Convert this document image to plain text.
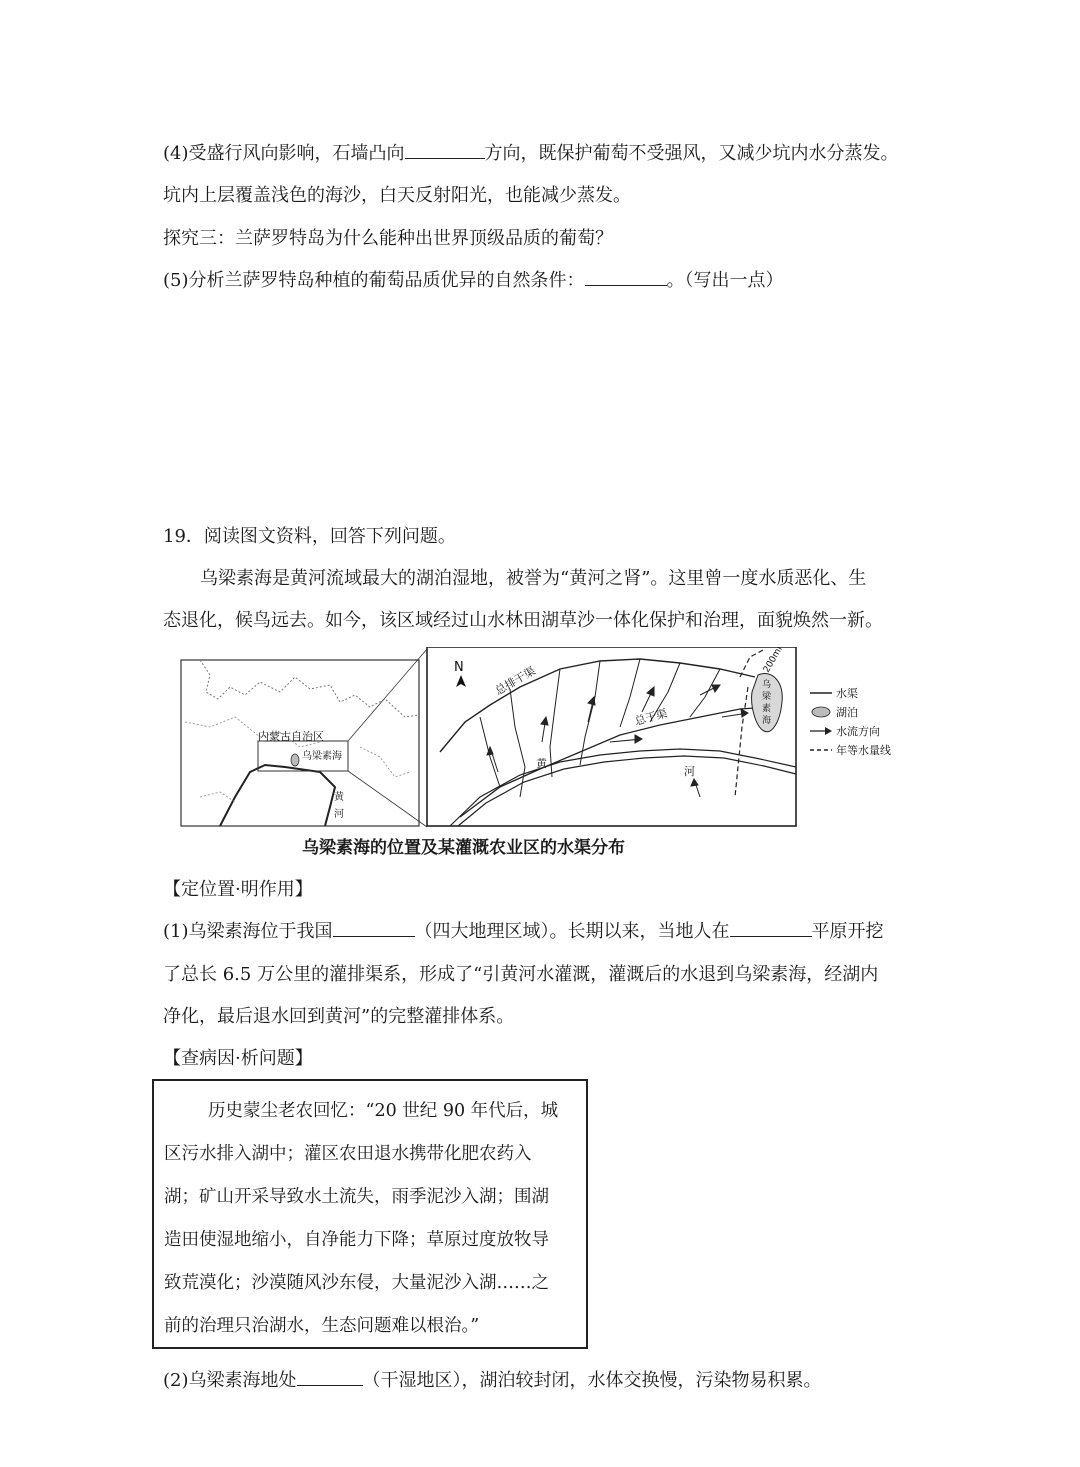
(4)受盛行风向影响，石墙凸向	方向，既保护葡萄不受强风，又减少坑内水分蒸发。
坑内上层覆盖浅色的海沙，白天反射阳光，也能减少蒸发。
探究三：兰萨罗特岛为什么能种出世界顶级品质的葡萄？
(5)分析兰萨罗特岛种植的葡萄品质优异的自然条件：	。（写出一点）
19．阅读图文资料，回答下列问题。
乌梁素海是黄河流域最大的湖泊湿地，被誉为“黄河之肾”。这里曾一度水质恶化、生
态退化，候鸟远去。如今，该区域经过山水林田湖草沙一体化保护和治理，面貌焕然一新。
内蒙古自治区
乌梁素海
黄
河
N	总排干渠
总干渠
黄
河
乌
梁
素
海
200mm
水渠
湖泊
水流方向
年等水量线
乌梁素海的位置及某灌溉农业区的水渠分布
【定位置·明作用】
(1)乌梁素海位于我国	（四大地理区域）。长期以来，当地人在	平原开挖
了总长 6.5 万公里的灌排渠系，形成了“引黄河水灌溉，灌溉后的水退到乌梁素海，经湖内
净化，最后退水回到黄河”的完整灌排体系。
【查病因·析问题】
历史蒙尘老农回忆：“20 世纪 90 年代后，城
区污水排入湖中；灌区农田退水携带化肥农药入
湖；矿山开采导致水土流失，雨季泥沙入湖；围湖
造田使湿地缩小，自净能力下降；草原过度放牧导
致荒漠化；沙漠随风沙东侵，大量泥沙入湖……之
前的治理只治湖水，生态问题难以根治。”
(2)乌梁素海地处	（干湿地区），湖泊较封闭，水体交换慢，污染物易积累。
